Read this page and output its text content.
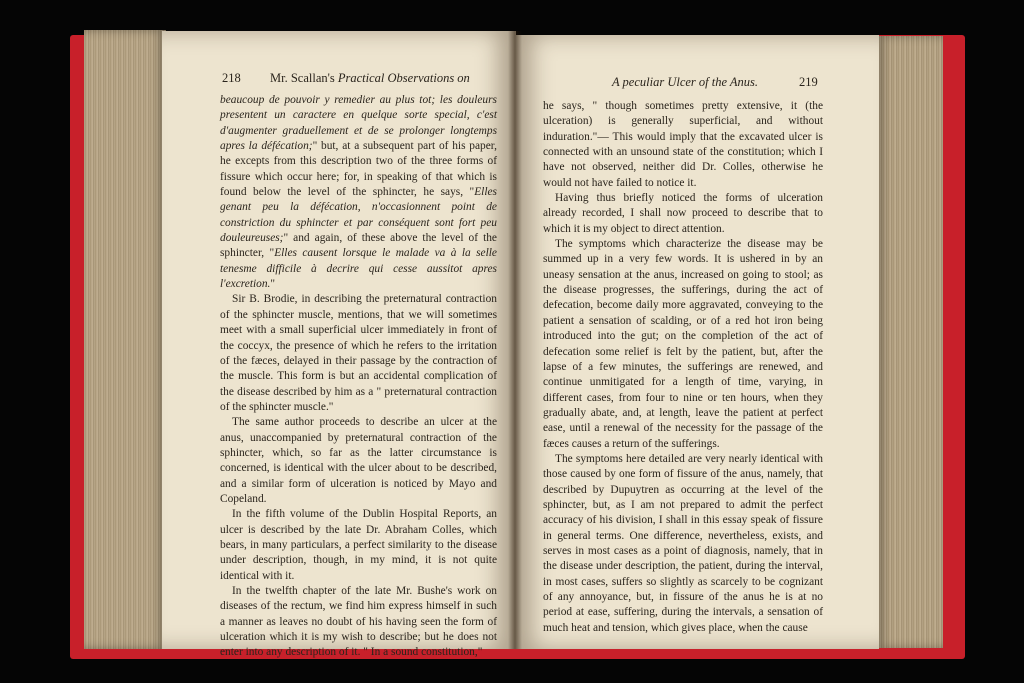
218 Mr. Scallan's Practical Observations on

beaucoup de pouvoir y remedier au plus tot; les douleurs presentent un caractere en quelque sorte special, c'est d'augmenter graduellement et de se prolonger longtemps apres la défécation;" but, at a subsequent part of his paper, he excepts from this description two of the three forms of fissure which occur here; for, in speaking of that which is found below the level of the sphincter, he says, "Elles genant peu la défécation, n'occasionnent point de constriction du sphincter et par conséquent sont fort peu douleureuses;" and again, of these above the level of the sphincter, "Elles causent lorsque le malade va à la selle tenesme difficile à decrire qui cesse aussitot apres l'excretion."

Sir B. Brodie, in describing the preternatural contraction of the sphincter muscle, mentions, that we will sometimes meet with a small superficial ulcer immediately in front of the coccyx, the presence of which he refers to the irritation of the fæces, delayed in their passage by the contraction of the muscle. This form is but an accidental complication of the disease described by him as a " preternatural contraction of the sphincter muscle."

The same author proceeds to describe an ulcer at the anus, unaccompanied by preternatural contraction of the sphincter, which, so far as the latter circumstance is concerned, is identical with the ulcer about to be described, and a similar form of ulceration is noticed by Mayo and Copeland.

In the fifth volume of the Dublin Hospital Reports, an ulcer is described by the late Dr. Abraham Colles, which bears, in many particulars, a perfect similarity to the disease under description, though, in my mind, it is not quite identical with it.

In the twelfth chapter of the late Mr. Bushe's work on diseases of the rectum, we find him express himself in such a manner as leaves no doubt of his having seen the form of ulceration which it is my wish to describe; but he does not enter into any description of it. " In a sound constitution,"

A peculiar Ulcer of the Anus.	219

he says, " though sometimes pretty extensive, it (the ulceration) is generally superficial, and without induration."— This would imply that the excavated ulcer is connected with an unsound state of the constitution; which I have not observed, neither did Dr. Colles, otherwise he would not have failed to notice it.

Having thus briefly noticed the forms of ulceration already recorded, I shall now proceed to describe that to which it is my object to direct attention.

The symptoms which characterize the disease may be summed up in a very few words. It is ushered in by an uneasy sensation at the anus, increased on going to stool; as the disease progresses, the sufferings, during the act of defecation, become daily more aggravated, conveying to the patient a sensation of scalding, or of a red hot iron being introduced into the gut; on the completion of the act of defecation some relief is felt by the patient, but, after the lapse of a few minutes, the sufferings are renewed, and continue unmitigated for a length of time, varying, in different cases, from four to nine or ten hours, when they gradually abate, and, at length, leave the patient at perfect ease, until a renewal of the necessity for the passage of the fæces causes a return of the sufferings.

The symptoms here detailed are very nearly identical with those caused by one form of fissure of the anus, namely, that described by Dupuytren as occurring at the level of the sphincter, but, as I am not prepared to admit the perfect accuracy of his division, I shall in this essay speak of fissure in general terms. One difference, nevertheless, exists, and serves in most cases as a point of diagnosis, namely, that in the disease under description, the patient, during the interval, in most cases, suffers so slightly as scarcely to be cognizant of any annoyance, but, in fissure of the anus he is at no period at ease, suffering, during the intervals, a sensation of much heat and tension, which gives place, when the cause
